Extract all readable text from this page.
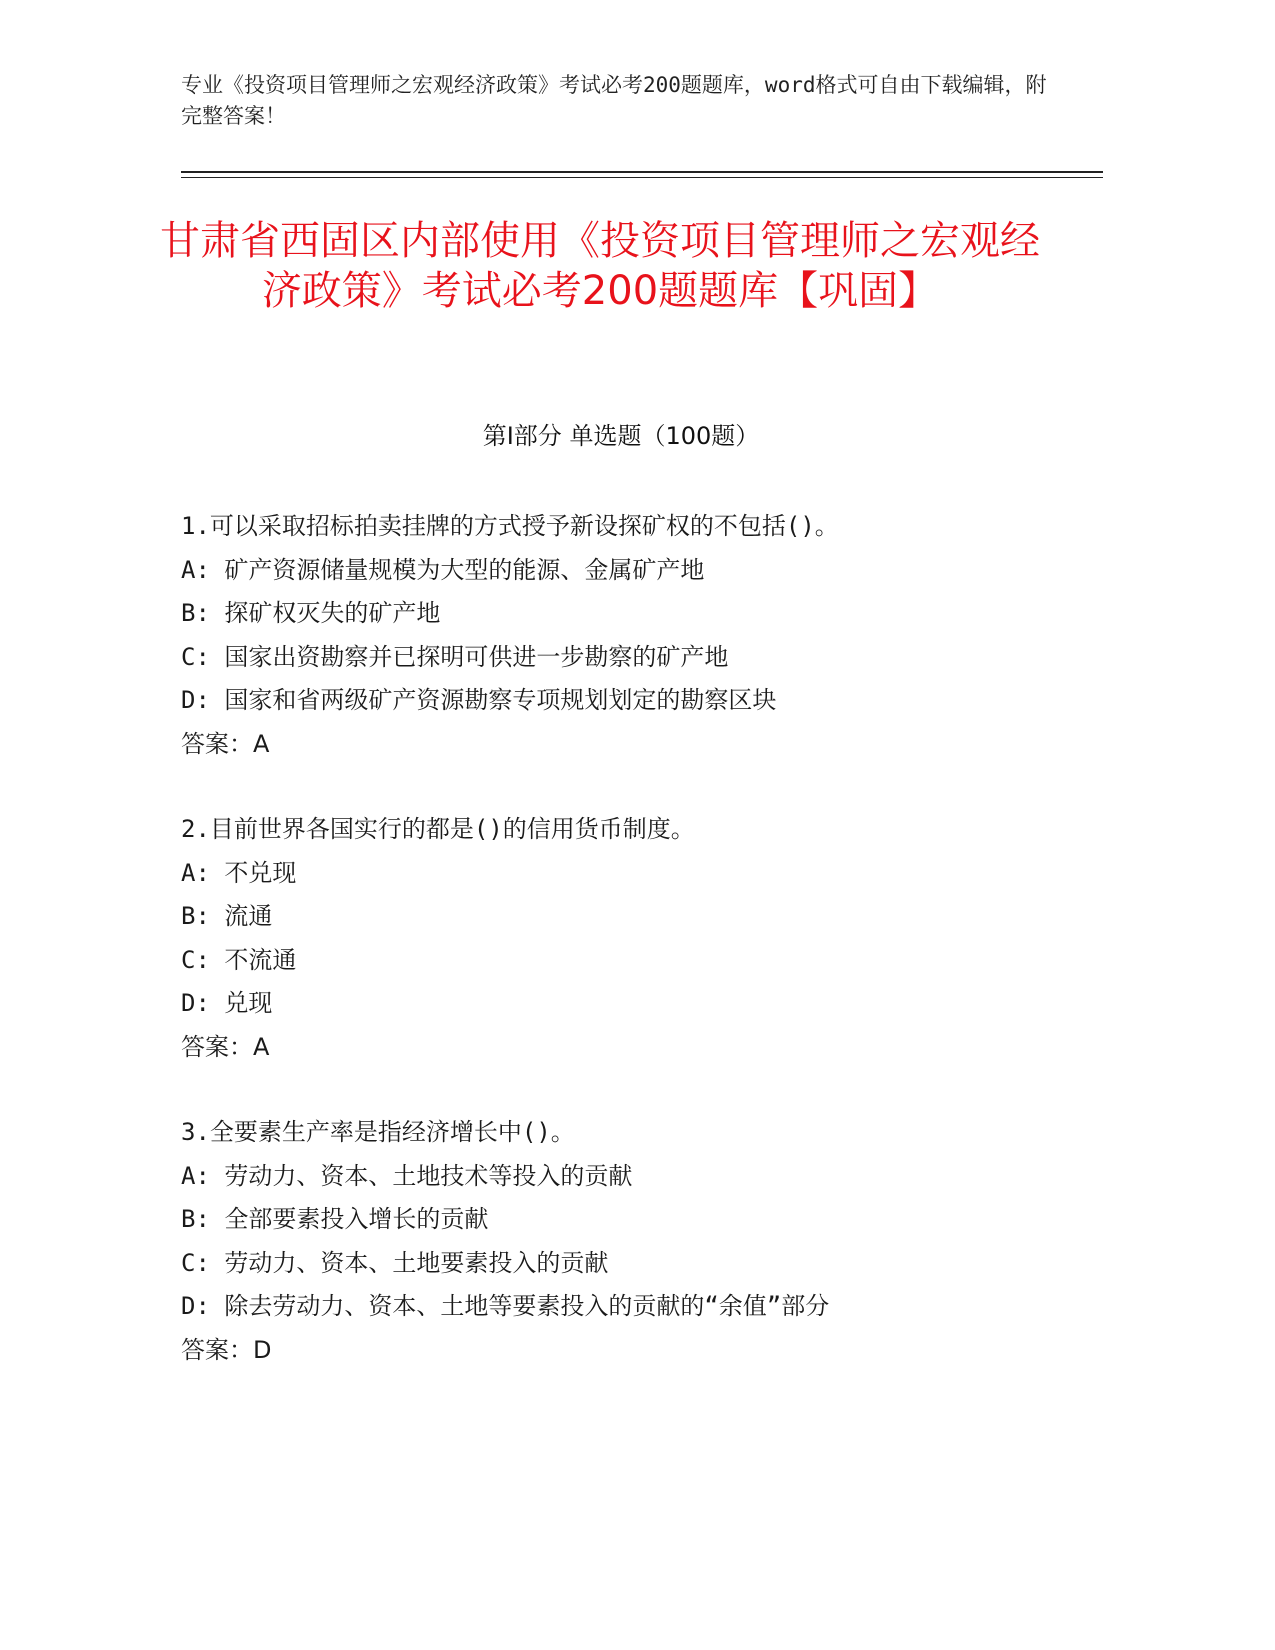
专业《投资项目管理师之宏观经济政策》考试必考200题题库，word格式可自由下载编辑，附完整答案！
甘肃省西固区内部使用《投资项目管理师之宏观经济政策》考试必考200题题库【巩固】
第Ⅰ部分 单选题（100题）
1.可以采取招标拍卖挂牌的方式授予新设探矿权的不包括()。
A: 矿产资源储量规模为大型的能源、金属矿产地
B: 探矿权灭失的矿产地
C: 国家出资勘察并已探明可供进一步勘察的矿产地
D: 国家和省两级矿产资源勘察专项规划划定的勘察区块
答案：A
2.目前世界各国实行的都是()的信用货币制度。
A: 不兑现
B: 流通
C: 不流通
D: 兑现
答案：A
3.全要素生产率是指经济增长中()。
A: 劳动力、资本、土地技术等投入的贡献
B: 全部要素投入增长的贡献
C: 劳动力、资本、土地要素投入的贡献
D: 除去劳动力、资本、土地等要素投入的贡献的“余值”部分
答案：D
